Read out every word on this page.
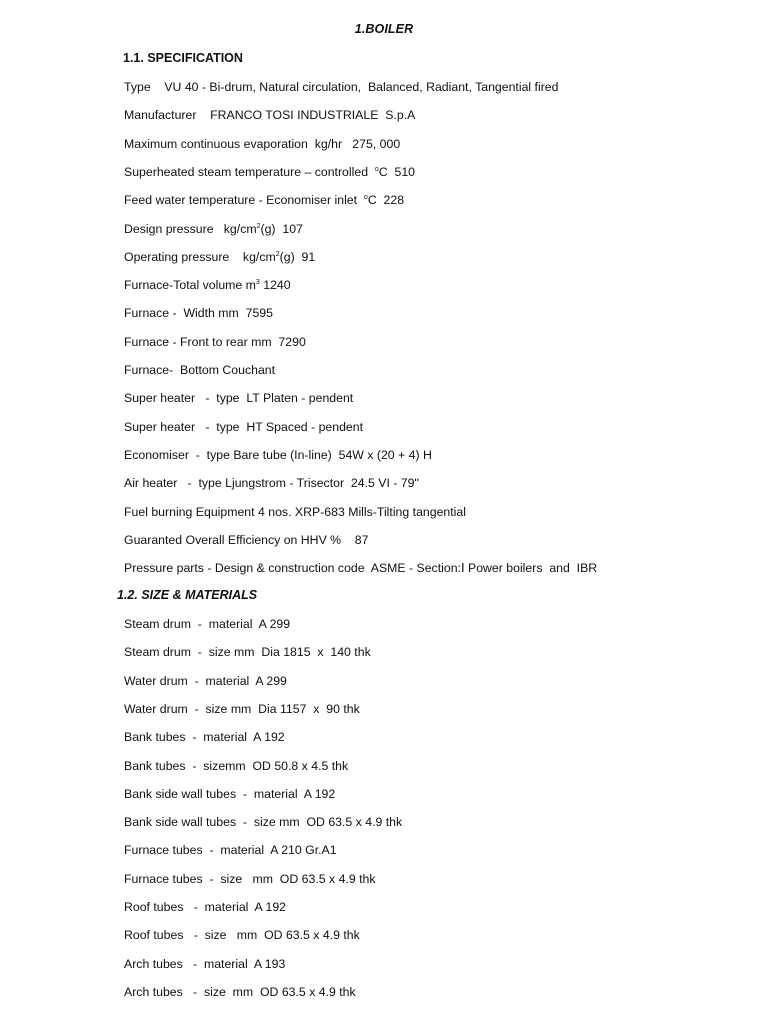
1.BOILER
1.1. SPECIFICATION
Type    VU 40 - Bi-drum, Natural circulation,  Balanced, Radiant, Tangential fired
Manufacturer    FRANCO TOSI INDUSTRIALE  S.p.A
Maximum continuous evaporation  kg/hr   275, 000
Superheated steam temperature – controlled  $^o$C  510
Feed water temperature - Economiser inlet  $^o$C  228
Design pressure   $kg/cm^2(g)$  107
Operating pressure    $kg/cm^2(g)$  91
Furnace-Total volume $m^3$ 1240
Furnace -  Width mm  7595
Furnace - Front to rear mm  7290
Furnace-  Bottom Couchant
Super heater   -  type  LT Platen - pendent
Super heater   -  type  HT Spaced - pendent
Economiser  -  type Bare tube (In-line)  54W x (20 + 4) H
Air heater   -  type Ljungstrom - Trisector  24.5 VI - 79"
Fuel burning Equipment 4 nos. XRP-683 Mills-Tilting tangential
Guaranted Overall Efficiency on HHV %    87
Pressure parts - Design & construction code  ASME - Section:Ⅰ Power boilers  and  IBR
1.2. SIZE & MATERIALS
Steam drum  -  material  A 299
Steam drum  -  size mm  Dia 1815  x  140 thk
Water drum  -  material  A 299
Water drum  -  size mm  Dia 1157  x  90 thk
Bank tubes  -  material  A 192
Bank tubes  -  sizemm  OD 50.8 x 4.5 thk
Bank side wall tubes  -  material  A 192
Bank side wall tubes  -  size mm  OD 63.5 x 4.9 thk
Furnace tubes  -  material  A 210 Gr.A1
Furnace tubes  -  size   mm  OD 63.5 x 4.9 thk
Roof tubes   -  material  A 192
Roof tubes   -  size   mm  OD 63.5 x 4.9 thk
Arch tubes   -  material  A 193
Arch tubes   -  size  mm  OD 63.5 x 4.9 thk
